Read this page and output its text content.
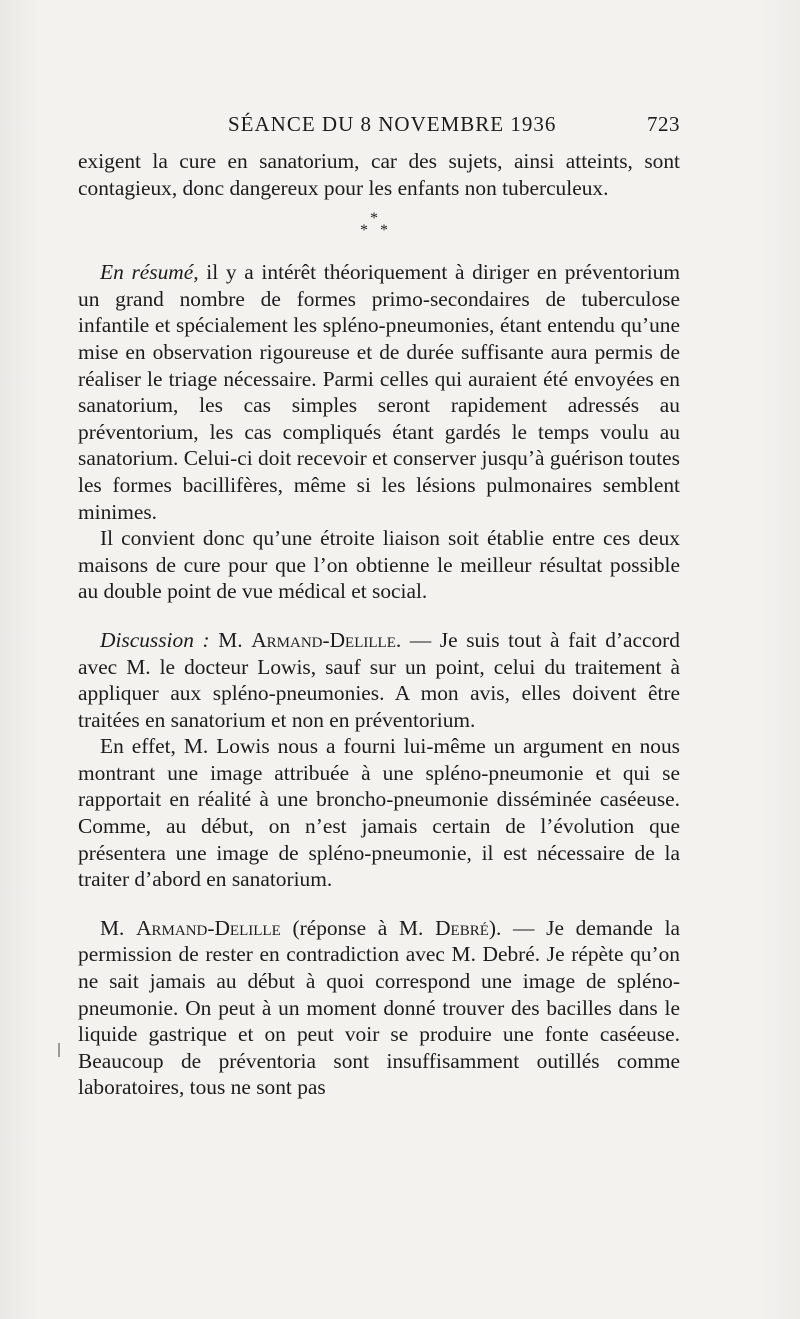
SÉANCE DU 8 NOVEMBRE 1936	723

exigent la cure en sanatorium, car des sujets, ainsi atteints, sont contagieux, donc dangereux pour les enfants non tuberculeux.

*
* *

En résumé, il y a intérêt théoriquement à diriger en préventorium un grand nombre de formes primo-secondaires de tuberculose infantile et spécialement les spléno-pneumonies, étant entendu qu’une mise en observation rigoureuse et de durée suffisante aura permis de réaliser le triage nécessaire. Parmi celles qui auraient été envoyées en sanatorium, les cas simples seront rapidement adressés au préventorium, les cas compliqués étant gardés le temps voulu au sanatorium. Celui-ci doit recevoir et conserver jusqu’à guérison toutes les formes bacillifères, même si les lésions pulmonaires semblent minimes.

Il convient donc qu’une étroite liaison soit établie entre ces deux maisons de cure pour que l’on obtienne le meilleur résultat possible au double point de vue médical et social.

Discussion : M. Armand-Delille. — Je suis tout à fait d’accord avec M. le docteur Lowis, sauf sur un point, celui du traitement à appliquer aux spléno-pneumonies. A mon avis, elles doivent être traitées en sanatorium et non en préventorium.

En effet, M. Lowis nous a fourni lui-même un argument en nous montrant une image attribuée à une spléno-pneumonie et qui se rapportait en réalité à une broncho-pneumonie disséminée caséeuse. Comme, au début, on n’est jamais certain de l’évolution que présentera une image de spléno-pneumonie, il est nécessaire de la traiter d’abord en sanatorium.

M. Armand-Delille (réponse à M. Debré). — Je demande la permission de rester en contradiction avec M. Debré. Je répète qu’on ne sait jamais au début à quoi correspond une image de spléno-pneumonie. On peut à un moment donné trouver des bacilles dans le liquide gastrique et on peut voir se produire une fonte caséeuse. Beaucoup de préventoria sont insuffisamment outillés comme laboratoires, tous ne sont pas
